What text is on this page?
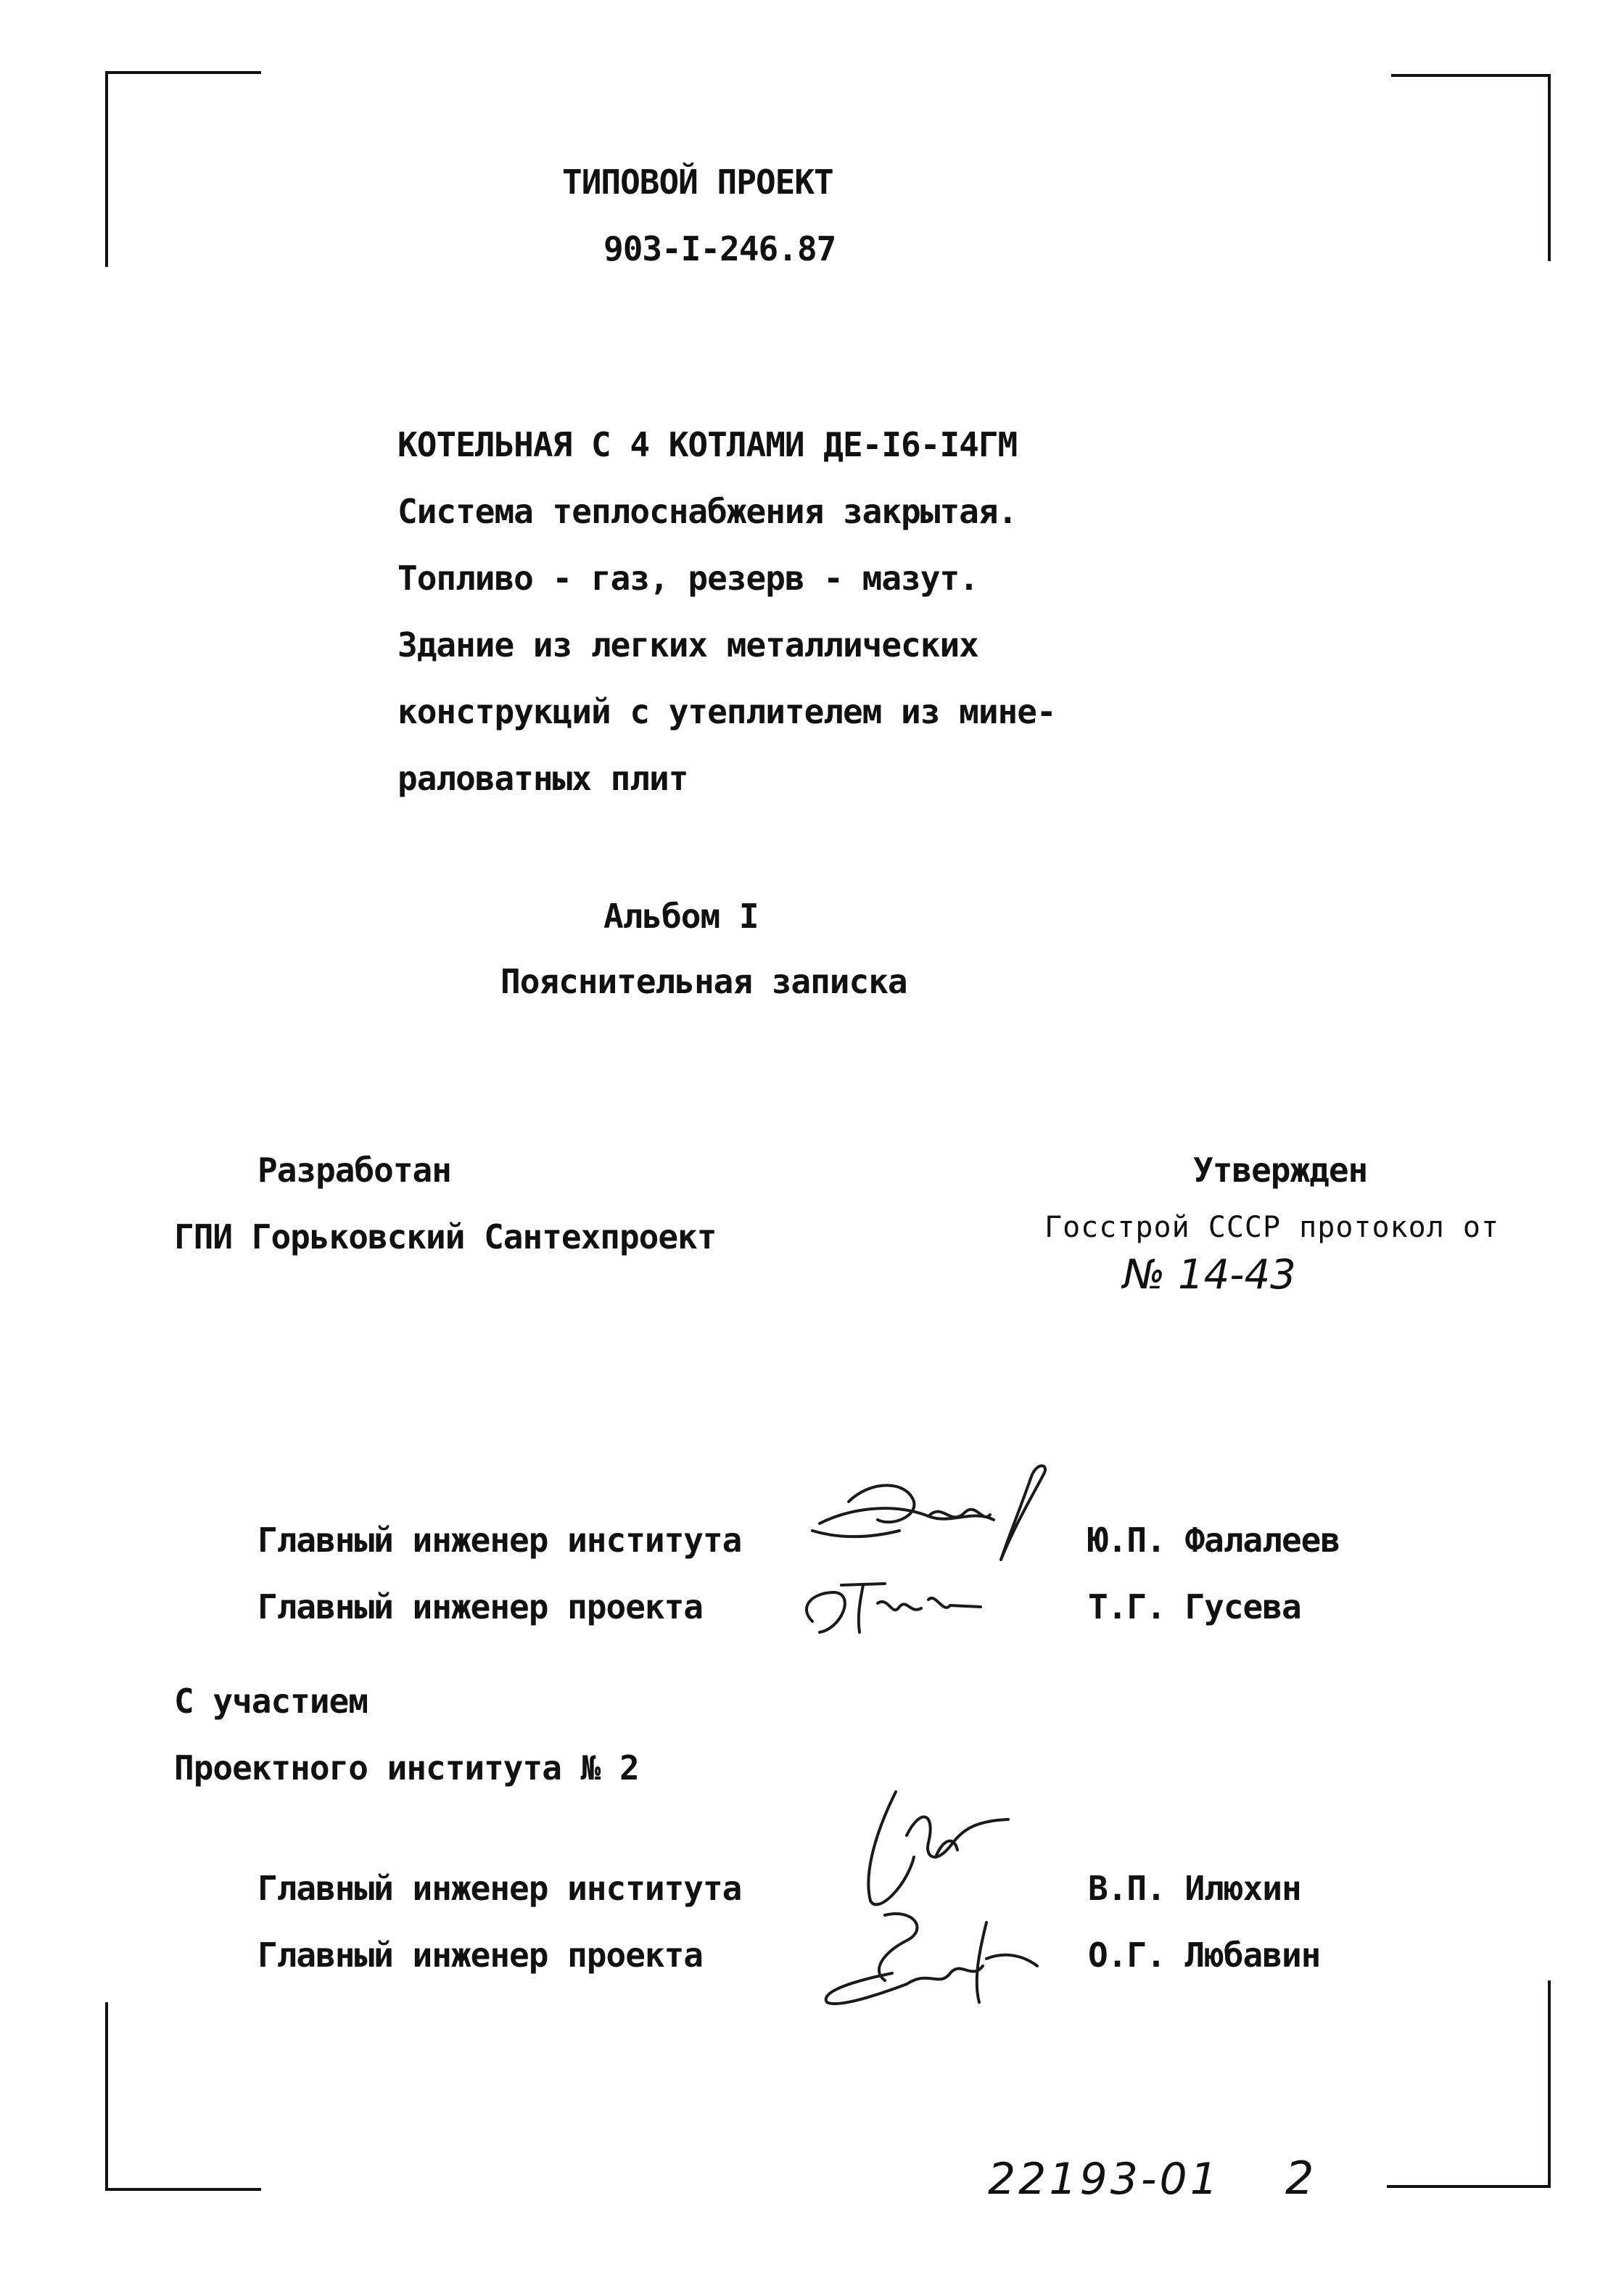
ТИПОВОЙ ПРОЕКТ
903-I-246.87
КОТЕЛЬНАЯ С 4 КОТЛАМИ ДЕ-I6-I4ГМ
Система теплоснабжения закрытая.
Топливо - газ, резерв - мазут.
Здание из легких металлических
конструкций с утеплителем из мине-
раловатных плит
Альбом I
Пояснительная записка
Разработан
ГПИ Горьковский Сантехпроект
Утвержден
Госстрой СССР протокол от
№ 14-43
Главный инженер института	Ю.П. Фалалеев
Главный инженер проекта	Т.Г. Гусева
С участием
Проектного института № 2
Главный инженер института	В.П. Илюхин
Главный инженер проекта	О.Г. Любавин
22193-01 2
